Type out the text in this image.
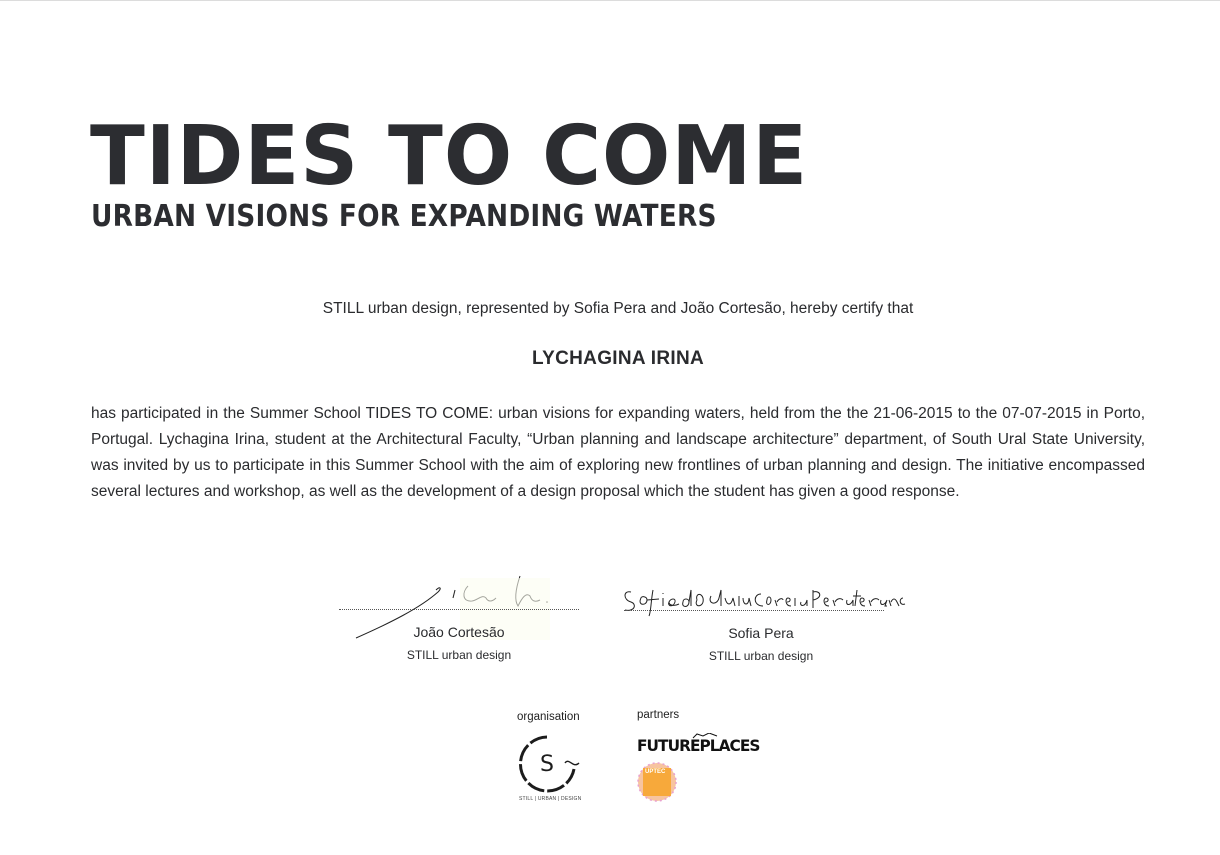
TIDES TO COME
URBAN VISIONS FOR EXPANDING WATERS
STILL urban design, represented by Sofia Pera and João Cortesão, hereby certify that
LYCHAGINA IRINA
has participated in the Summer School TIDES TO COME: urban visions for expanding waters, held from the the 21-06-2015 to the 07-07-2015 in Porto, Portugal. Lychagina Irina, student at the Architectural Faculty, “Urban planning and landscape architecture” department, of South Ural State University, was invited by us to participate in this Summer School with the aim of exploring new frontlines of urban planning and design. The initiative encompassed several lectures and workshop, as well as the development of a design proposal which the student has given a good response.
João Cortesão
STILL urban design
Sofia Pera
STILL urban design
organisation	partners
S
STILL | URBAN | DESIGN
FUTUREPLACES
UPTEC
